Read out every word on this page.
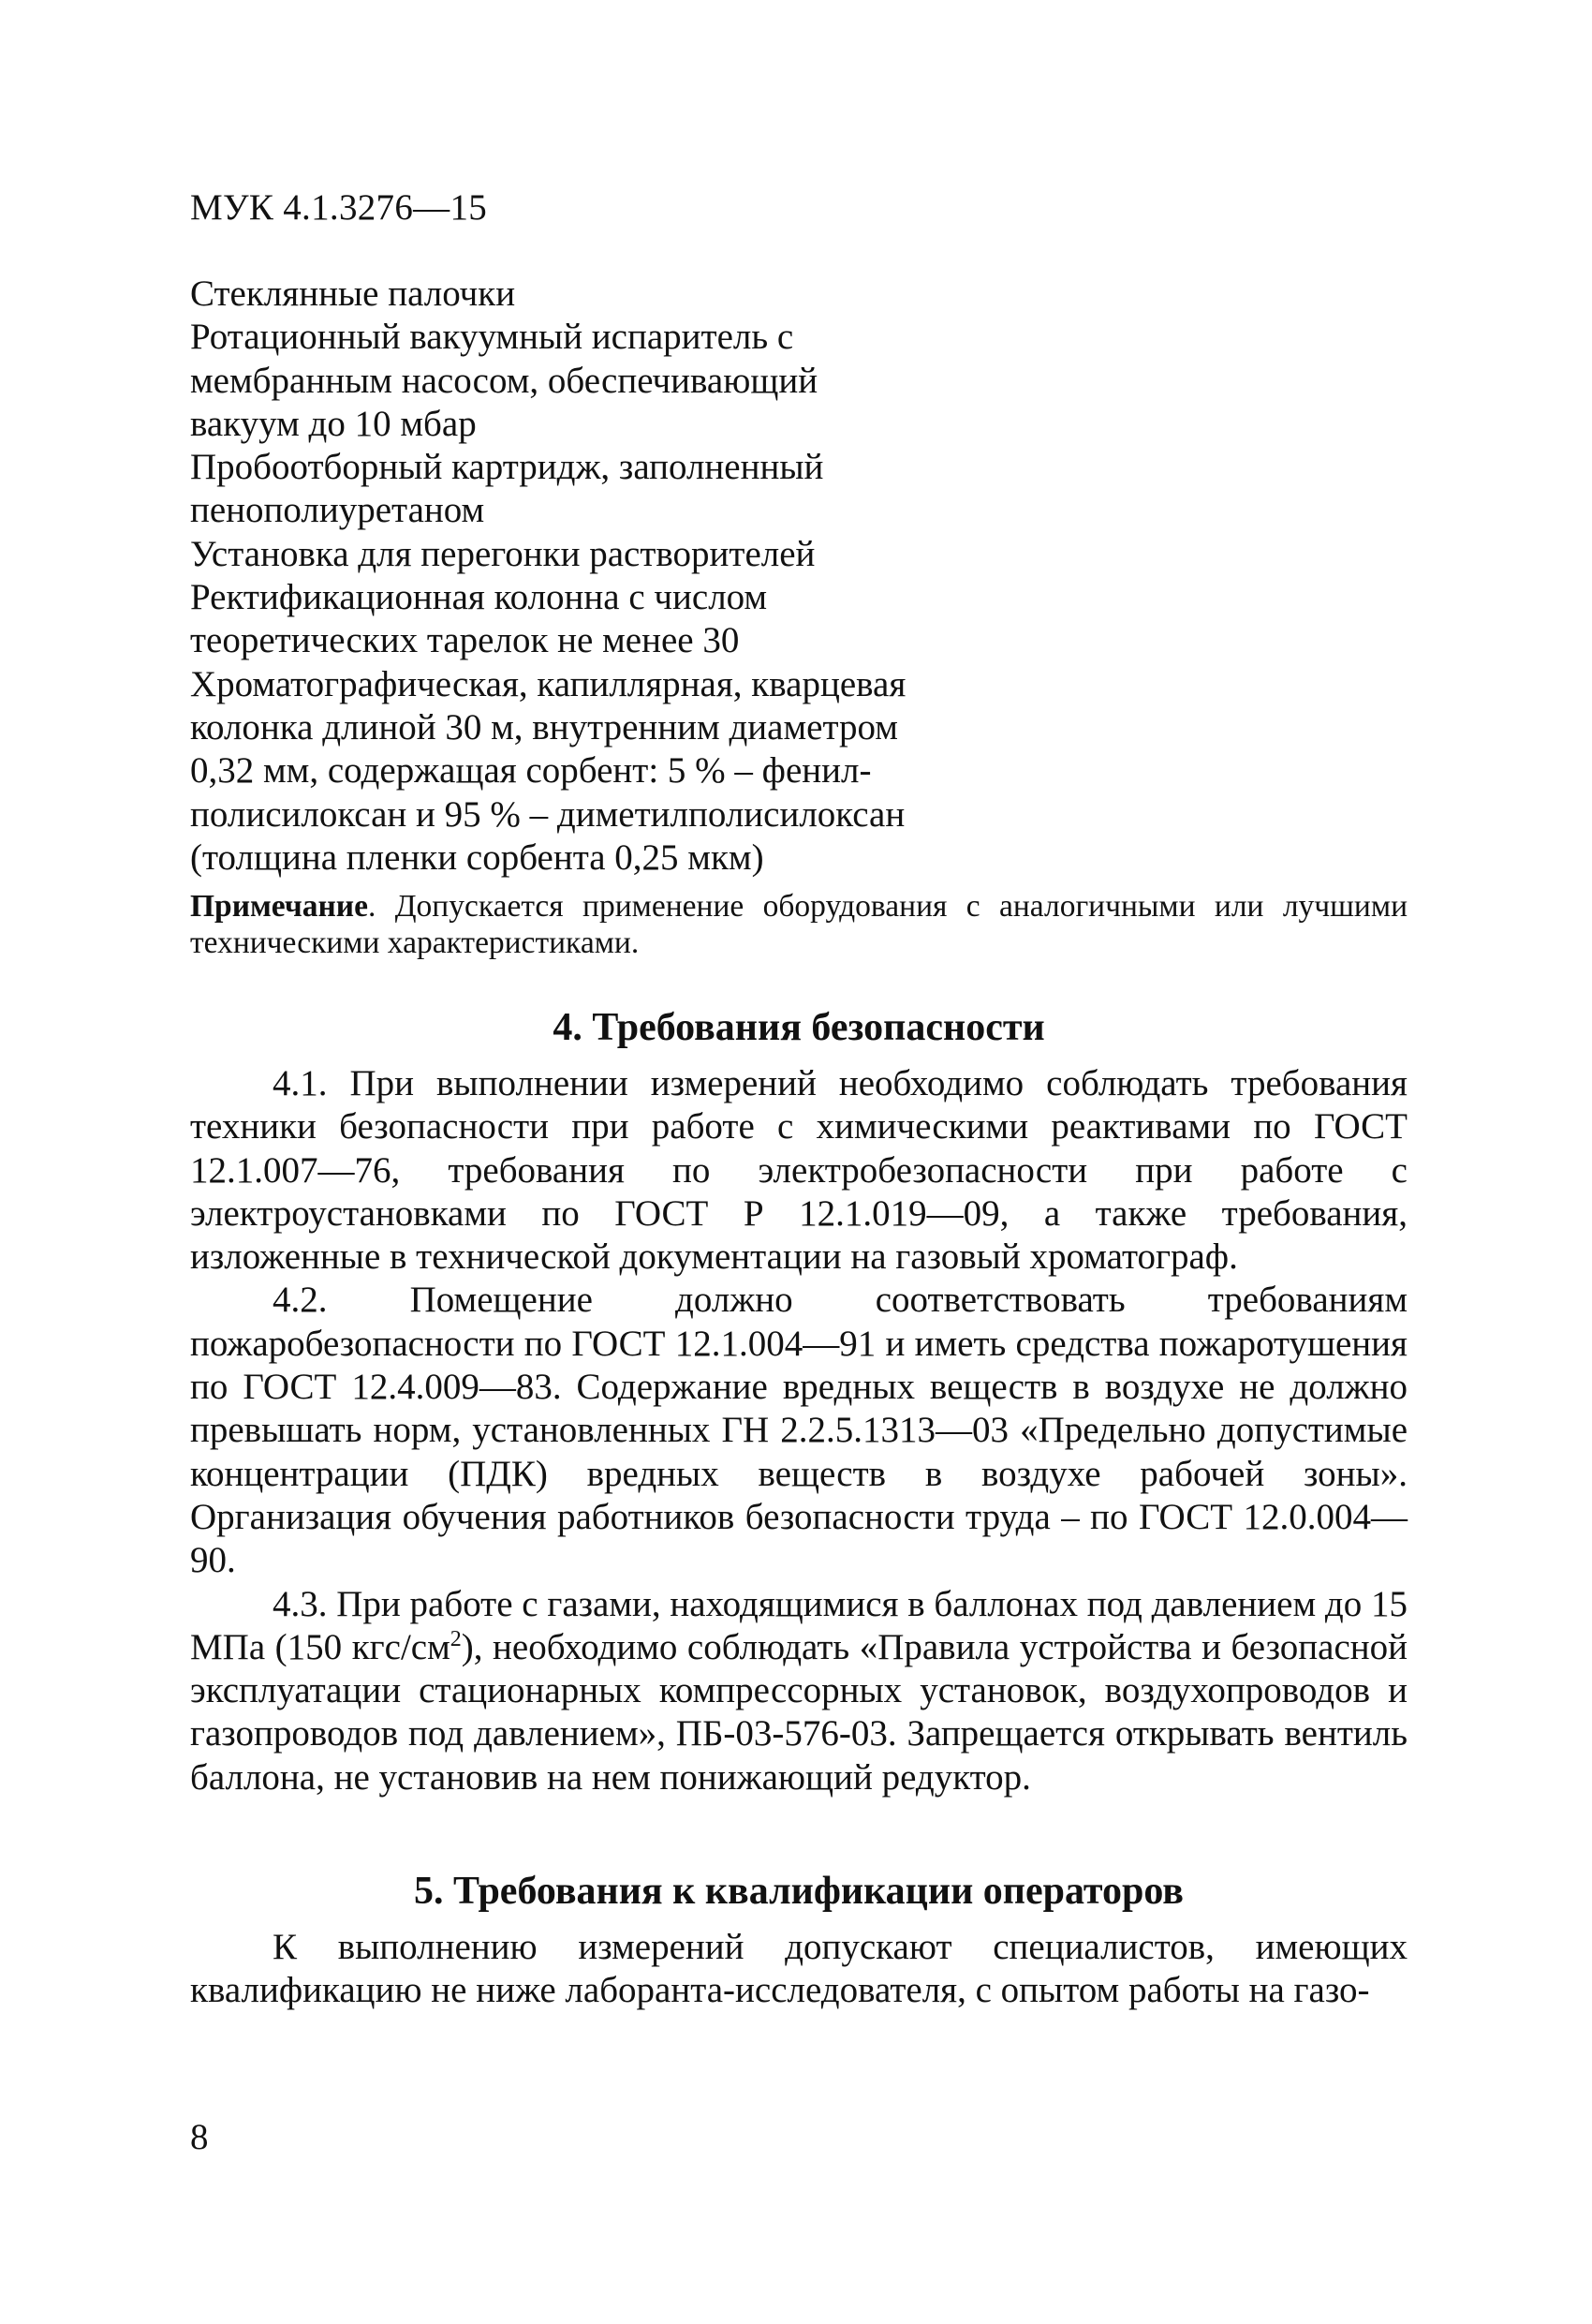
МУК 4.1.3276—15
Стеклянные палочки
Ротационный вакуумный испаритель с
мембранным насосом, обеспечивающий
вакуум до 10 мбар
Пробоотборный картридж, заполненный
пенополиуретаном
Установка для перегонки растворителей
Ректификационная колонна с числом
теоретических тарелок не менее 30
Хроматографическая, капиллярная, кварцевая
колонка длиной 30 м, внутренним диаметром
0,32 мм, содержащая сорбент: 5 % – фенил-
полисилоксан и 95 % – диметилполисилоксан
(толщина пленки сорбента 0,25 мкм)
Примечание. Допускается применение оборудования с аналогичными или лучшими техническими характеристиками.
4. Требования безопасности

4.1. При выполнении измерений необходимо соблюдать требования техники безопасности при работе с химическими реактивами по ГОСТ 12.1.007—76, требования по электробезопасности при работе с электроустановками по ГОСТ Р 12.1.019—09, а также требования, изложенные в технической документации на газовый хроматограф.

4.2. Помещение должно соответствовать требованиям пожаробезопасности по ГОСТ 12.1.004—91 и иметь средства пожаротушения по ГОСТ 12.4.009—83. Содержание вредных веществ в воздухе не должно превышать норм, установленных ГН 2.2.5.1313—03 «Предельно допустимые концентрации (ПДК) вредных веществ в воздухе рабочей зоны». Организация обучения работников безопасности труда – по ГОСТ 12.0.004—90.

4.3. При работе с газами, находящимися в баллонах под давлением до 15 МПа (150 кгс/$см^2$), необходимо соблюдать «Правила устройства и безопасной эксплуатации стационарных компрессорных установок, воздухопроводов и газопроводов под давлением», ПБ-03-576-03. Запрещается открывать вентиль баллона, не установив на нем понижающий редуктор.

5. Требования к квалификации операторов

К выполнению измерений допускают специалистов, имеющих квалификацию не ниже лаборанта-исследователя, с опытом работы на газо-

8
